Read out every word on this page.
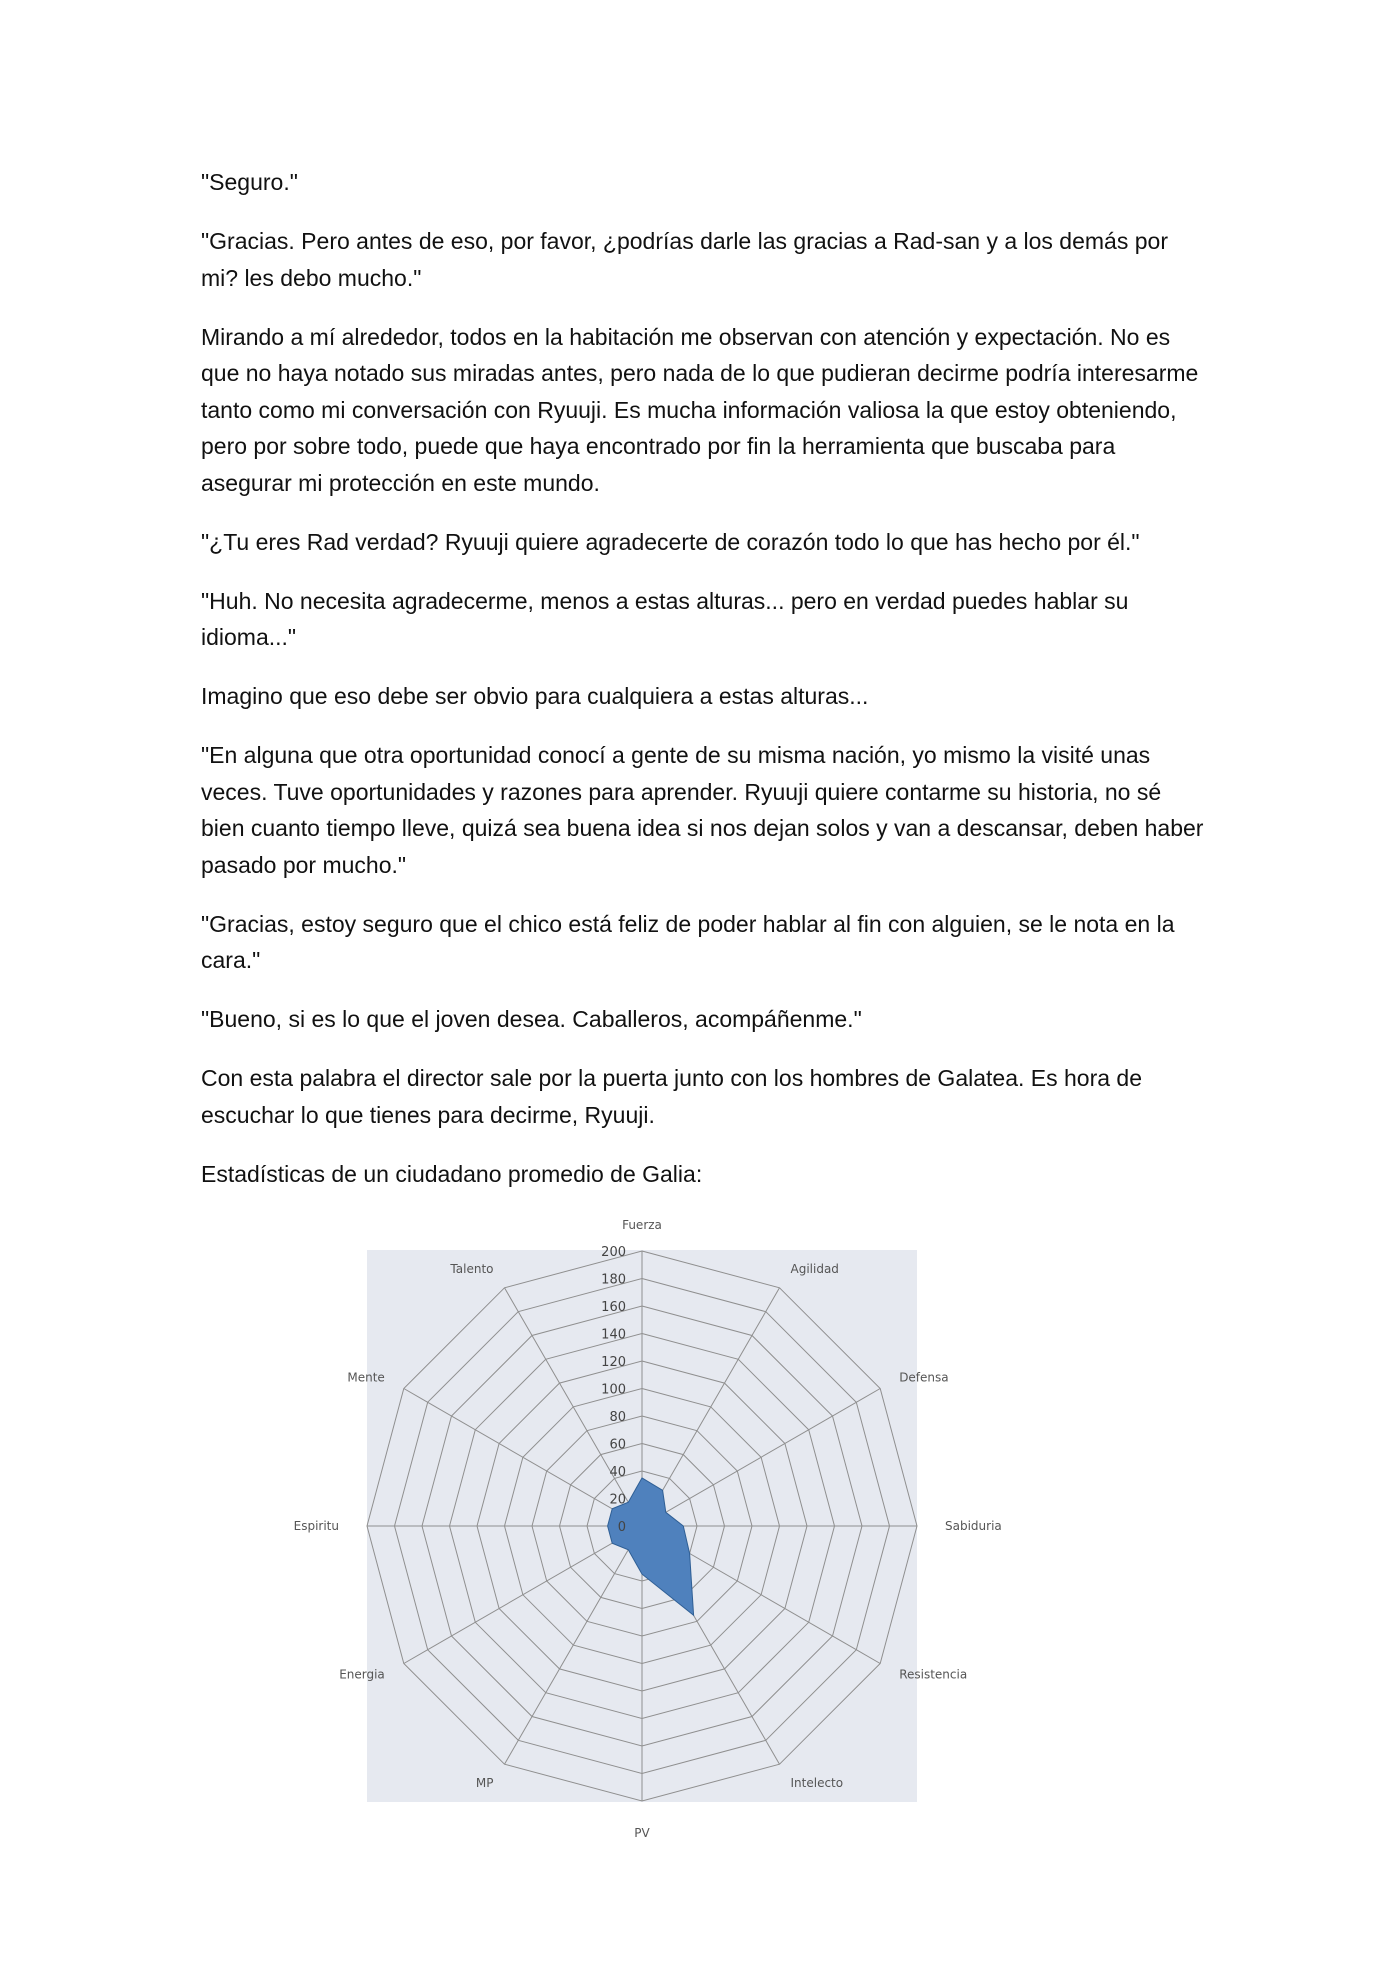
"Seguro."

"Gracias. Pero antes de eso, por favor, ¿podrías darle las gracias a Rad-san y a los demás por mi? les debo mucho."

Mirando a mí alrededor, todos en la habitación me observan con atención y expectación. No es que no haya notado sus miradas antes, pero nada de lo que pudieran decirme podría interesarme tanto como mi conversación con Ryuuji. Es mucha información valiosa la que estoy obteniendo, pero por sobre todo, puede que haya encontrado por fin la herramienta que buscaba para asegurar mi protección en este mundo.

"¿Tu eres Rad verdad? Ryuuji quiere agradecerte de corazón todo lo que has hecho por él."

"Huh. No necesita agradecerme, menos a estas alturas... pero en verdad puedes hablar su idioma..."

Imagino que eso debe ser obvio para cualquiera a estas alturas...

"En alguna que otra oportunidad conocí a gente de su misma nación, yo mismo la visité unas veces. Tuve oportunidades y razones para aprender. Ryuuji quiere contarme su historia, no sé bien cuanto tiempo lleve, quizá sea buena idea si nos dejan solos y van a descansar, deben haber pasado por mucho."

"Gracias, estoy seguro que el chico está feliz de poder hablar al fin con alguien, se le nota en la cara."

"Bueno, si es lo que el joven desea. Caballeros, acompáñenme."

Con esta palabra el director sale por la puerta junto con los hombres de Galatea. Es hora de escuchar lo que tienes para decirme, Ryuuji.

Estadísticas de un ciudadano promedio de Galia:

0
20
40
60
80
100
120
140
160
180
200
Fuerza
Agilidad
Defensa
Sabiduria
Resistencia
Intelecto
PV
MP
Energia
Espiritu
Mente
Talento
